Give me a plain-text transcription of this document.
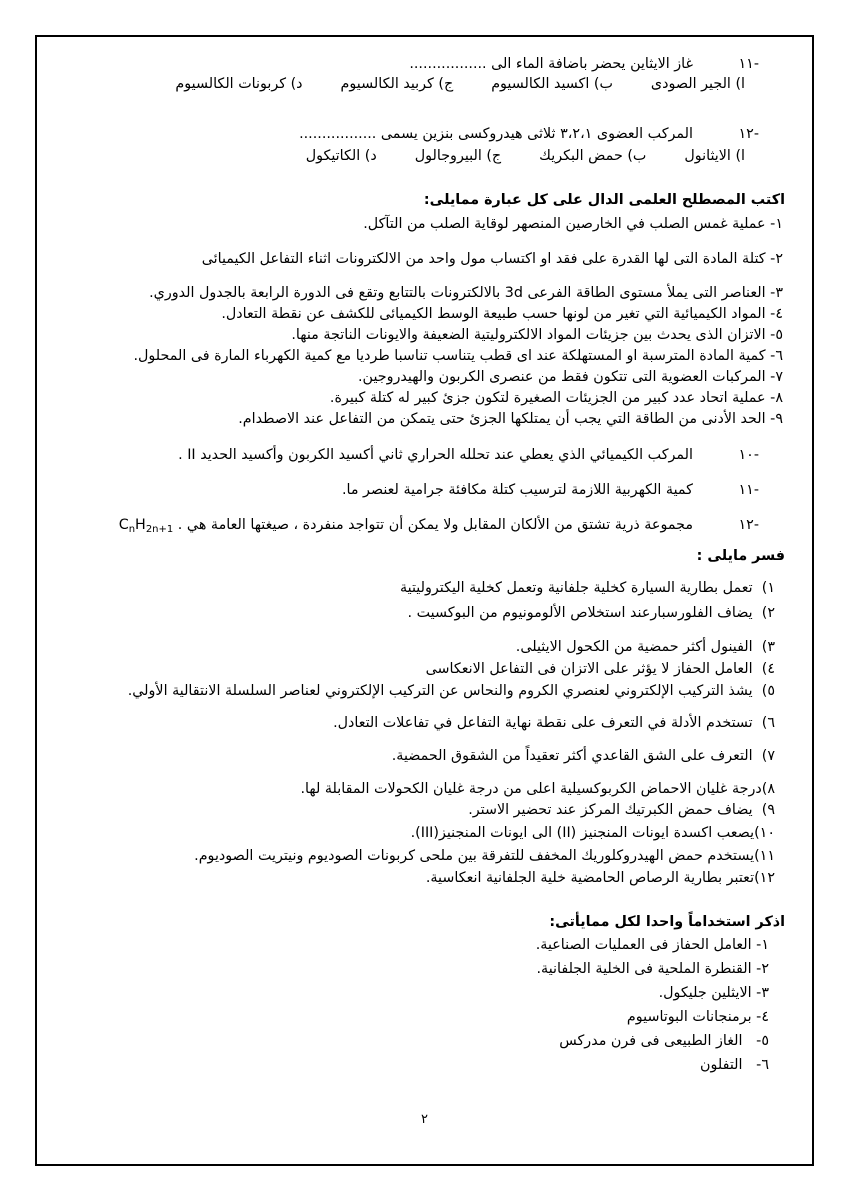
-١١غاز الايثاين يحضر باضافة الماء الى .................
ا) الجير الصودىب) اكسيد الكالسيومج) كربيد الكالسيومد) كربونات الكالسيوم
-١٢المركب العضوى ٣،٢،١ ثلاثى هيدروكسى بنزين يسمى .................
ا) الايثانولب) حمض البكريكج) البيروجالولد) الكاتيكول
اكتب المصطلح العلمى الدال على كل عبارة ممايلى:
١- عملية غمس الصلب في الخارصين المنصهر لوقاية الصلب من التآكل.
٢- كتلة المادة التى لها القدرة على فقد او اكتساب مول واحد من الالكترونات اثناء التفاعل الكيميائى
٣- العناصر التى يملأ مستوى الطاقة الفرعى 3d بالالكترونات بالتتابع وتقع فى الدورة الرابعة بالجدول الدوري.
٤- المواد الكيميائية التي تغير من لونها حسب طبيعة الوسط الكيميائى للكشف عن نقطة التعادل.
٥- الاتزان الذى يحدث بين جزيئات المواد الالكتروليتية الضعيفة والايونات الناتجة منها.
٦- كمية المادة المترسبة او المستهلكة عند اى قطب يتناسب تناسبا طرديا مع كمية الكهرباء المارة فى المحلول.
٧- المركبات العضوية التى تتكون فقط من عنصرى الكربون والهيدروجين.
٨- عملية اتحاد عدد كبير من الجزيئات الصغيرة لتكون جزئ كبير له كتلة كبيرة.
٩- الحد الأدنى من الطاقة التي يجب أن يمتلكها الجزئ حتى يتمكن من التفاعل عند الاصطدام.
-١٠المركب الكيميائي الذي يعطي عند تحلله الحراري ثاني أكسيد الكربون وأكسيد الحديد II .
-١١كمية الكهربية اللازمة لترسيب كتلة مكافئة جرامية لعنصر ما.
-١٢مجموعة ذرية تشتق من الألكان المقابل ولا يمكن أن تتواجد منفردة ، صيغتها العامة هي $C_nH_{2n+1}$ .
فسر مايلى :
١)  تعمل بطارية السيارة كخلية جلفانية وتعمل كخلية اليكتروليتية
٢)  يضاف الفلورسبارعند استخلاص الألومونيوم من البوكسيت .
٣)  الفينول أكثر حمضية من الكحول الايثيلى.
٤)  العامل الحفاز لا يؤثر على الاتزان فى التفاعل الانعكاسى
٥)  يشذ التركيب الإلكتروني لعنصري الكروم والنحاس عن التركيب الإلكتروني لعناصر السلسلة الانتقالية الأولي.
٦)  تستخدم الأدلة في التعرف على نقطة نهاية التفاعل في تفاعلات التعادل.
٧)  التعرف على الشق القاعدي أكثر تعقيداً من الشقوق الحمضية.
٨)درجة غليان الاحماض الكربوكسيلية اعلى من درجة غليان الكحولات المقابلة لها.
٩)  يضاف حمض الكبرتيك المركز عند تحضير الاستر.
١٠)يصعب اكسدة ايونات المنجنيز (II) الى ايونات المنجنيز(III).
١١)يستخدم حمض الهيدروكلوريك المخفف للتفرقة بين ملحى كربونات الصوديوم ونيتريت الصوديوم.
١٢)تعتبر بطارية الرصاص الحامضية خلية الجلفانية انعكاسية.
اذكر استخداماً واحدا لكل ممايأتى:
١- العامل الحفاز فى العمليات الصناعية.
٢- القنطرة الملحية فى الخلية الجلفانية.
٣- الايثلين جليكول.
٤- برمنجانات البوتاسيوم
٥-   الغاز الطبيعى فى فرن مدركس
٦-   التفلون
٢
